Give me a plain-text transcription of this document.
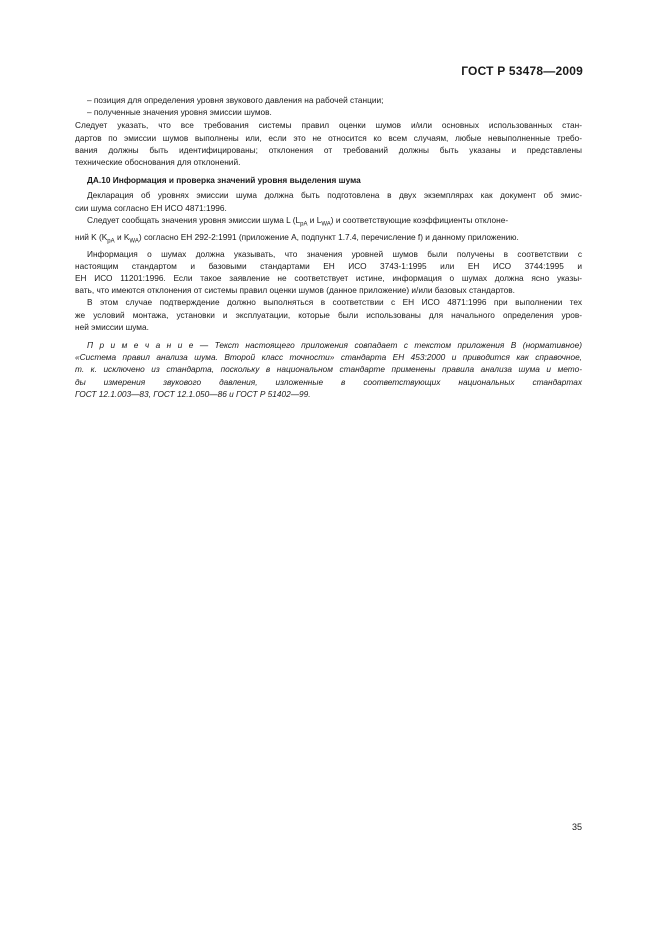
ГОСТ Р 53478—2009

– позиция для определения уровня звукового давления на рабочей станции;

– полученные значения уровня эмиссии шумов.

Следует указать, что все требования системы правил оценки шумов и/или основных использованных стан-
дартов по эмиссии шумов выполнены или, если это не относится ко всем случаям, любые невыполненные требо-
вания должны быть идентифицированы; отклонения от требований должны быть указаны и представлены
технические обоснования для отклонений.

ДА.10 Информация и проверка значений уровня выделения шума

Декларация об уровнях эмиссии шума должна быть подготовлена в двух экземплярах как документ об эмис-
сии шума согласно ЕН ИСО 4871:1996.

Следует сообщать значения уровня эмиссии шума L ($L_{pA}$ и $L_{WA}$) и соответствующие коэффициенты отклоне-
ний K ($K_{pA}$ и $K_{WA}$) согласно ЕН 292-2:1991 (приложение А, подпункт 1.7.4, перечисление f) и данному приложению.

Информация о шумах должна указывать, что значения уровней шумов были получены в соответствии с
настоящим стандартом и базовыми стандартами ЕН ИСО 3743-1:1995 или ЕН ИСО 3744:1995 и
ЕН ИСО 11201:1996. Если такое заявление не соответствует истине, информация о шумах должна ясно указы-
вать, что имеются отклонения от системы правил оценки шумов (данное приложение) и/или базовых стандартов.

В этом случае подтверждение должно выполняться в соответствии с ЕН ИСО 4871:1996 при выполнении тех
же условий монтажа, установки и эксплуатации, которые были использованы для начального определения уров-
ней эмиссии шума.

П р и м е ч а н и е — Текст настоящего приложения совпадает с текстом приложения В (нормативное)
«Система правил анализа шума. Второй класс точности» стандарта ЕН 453:2000 и приводится как справочное,
т. к. исключено из стандарта, поскольку в национальном стандарте применены правила анализа шума и мето-
ды измерения звукового давления, изложенные в соответствующих национальных стандартах
ГОСТ 12.1.003—83, ГОСТ 12.1.050—86 и ГОСТ Р 51402—99.

35
